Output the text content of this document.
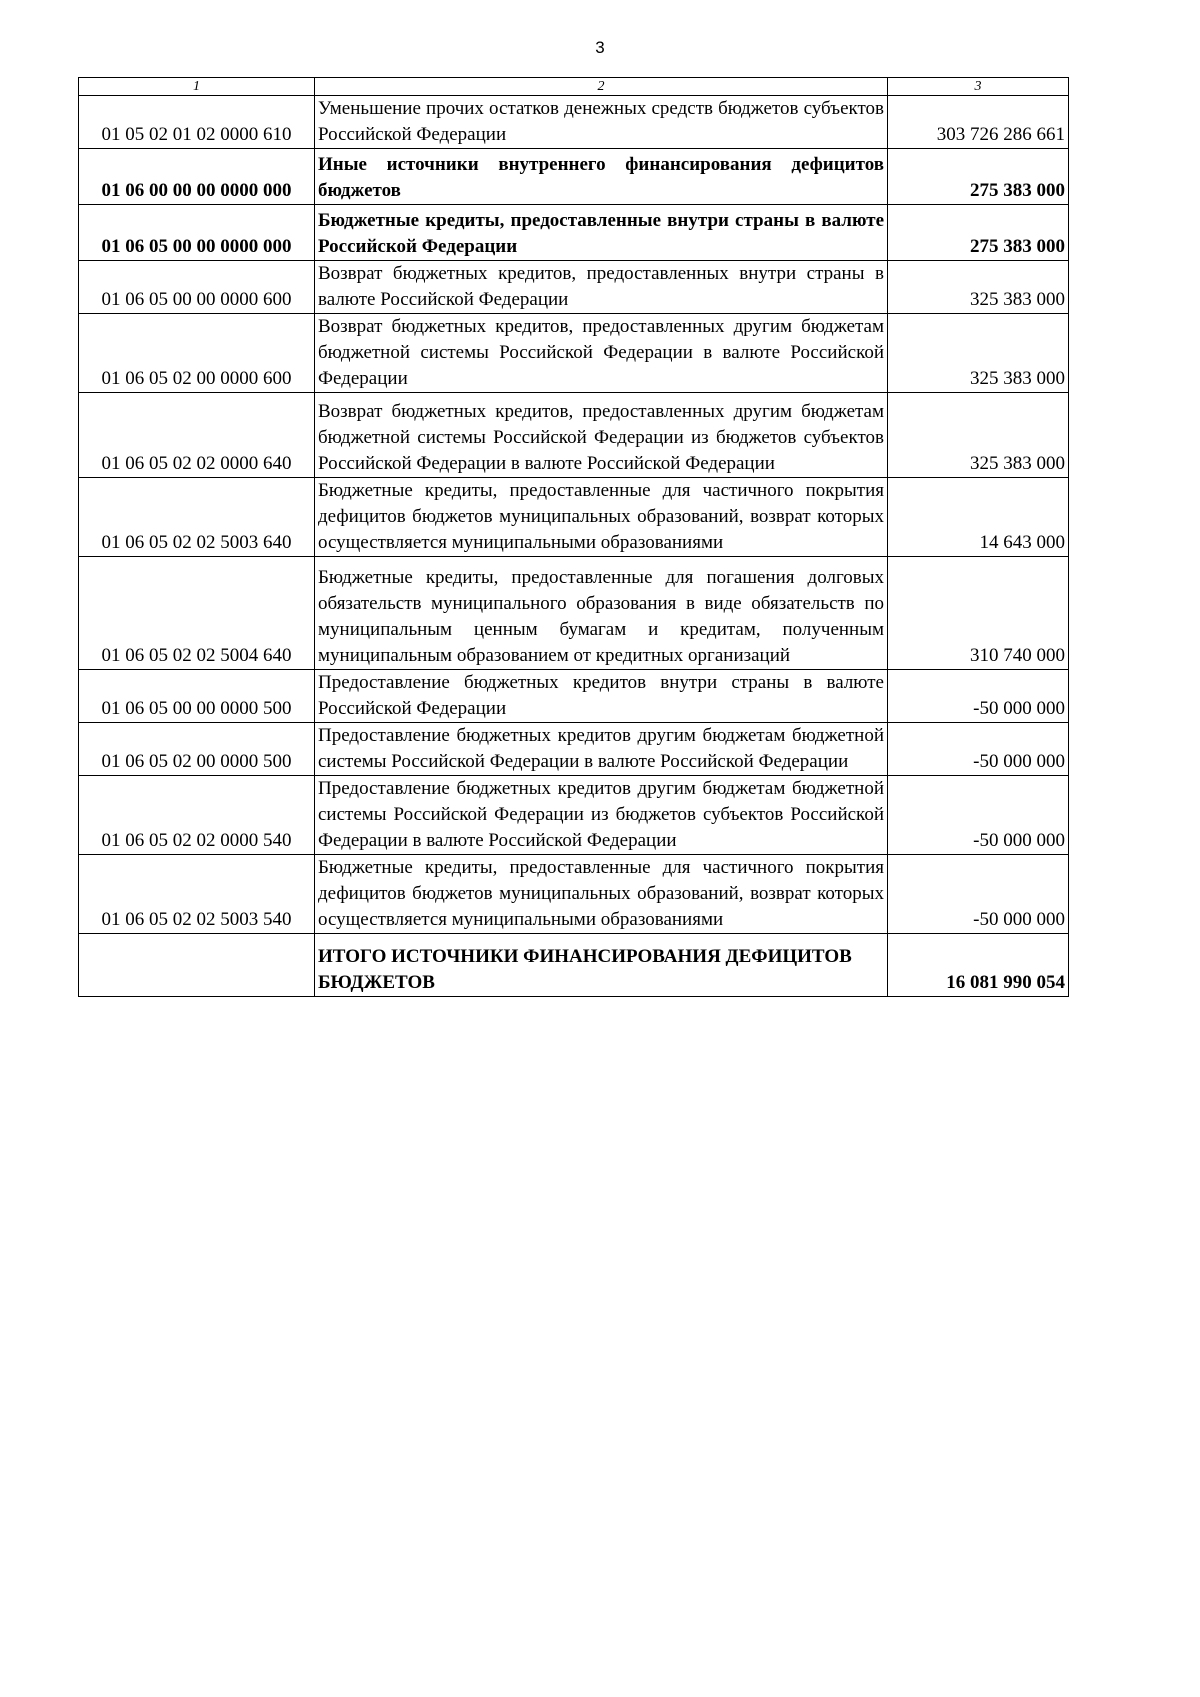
3
1	2	3
01 05 02 01 02 0000 610	Уменьшение прочих остатков денежных средств бюджетов субъектов Российской Федерации	303 726 286 661
01 06 00 00 00 0000 000	Иные источники внутреннего финансирования дефицитов бюджетов	275 383 000
01 06 05 00 00 0000 000	Бюджетные кредиты, предоставленные внутри страны в валюте Российской Федерации	275 383 000
01 06 05 00 00 0000 600	Возврат бюджетных кредитов, предоставленных внутри страны в валюте Российской Федерации	325 383 000
01 06 05 02 00 0000 600	Возврат бюджетных кредитов, предоставленных другим бюджетам бюджетной системы Российской Федерации в валюте Российской Федерации	325 383 000
01 06 05 02 02 0000 640	Возврат бюджетных кредитов, предоставленных другим бюджетам бюджетной системы Российской Федерации из бюджетов субъектов Российской Федерации в валюте Российской Федерации	325 383 000
01 06 05 02 02 5003 640	Бюджетные кредиты, предоставленные для частичного покрытия дефицитов бюджетов муниципальных образований, возврат которых осуществляется муниципальными образованиями	14 643 000
01 06 05 02 02 5004 640	Бюджетные кредиты, предоставленные для погашения долговых обязательств муниципального образования в виде обязательств по муниципальным ценным бумагам и кредитам, полученным муниципальным образованием от кредитных организаций	310 740 000
01 06 05 00 00 0000 500	Предоставление бюджетных кредитов внутри страны в валюте Российской Федерации	-50 000 000
01 06 05 02 00 0000 500	Предоставление бюджетных кредитов другим бюджетам бюджетной системы Российской Федерации в валюте Российской Федерации	-50 000 000
01 06 05 02 02 0000 540	Предоставление бюджетных кредитов другим бюджетам бюджетной системы Российской Федерации из бюджетов субъектов Российской Федерации в валюте Российской Федерации	-50 000 000
01 06 05 02 02 5003 540	Бюджетные кредиты, предоставленные для частичного покрытия дефицитов бюджетов муниципальных образований, возврат которых осуществляется муниципальными образованиями	-50 000 000
	ИТОГО ИСТОЧНИКИ ФИНАНСИРОВАНИЯ ДЕФИЦИТОВ БЮДЖЕТОВ	16 081 990 054
